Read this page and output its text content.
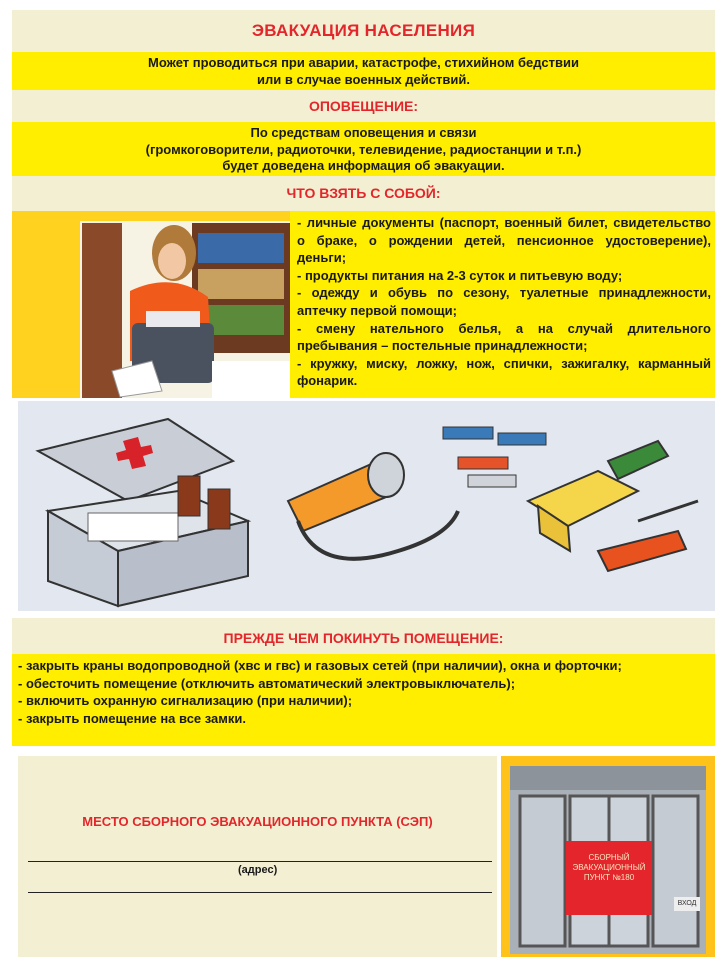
ЭВАКУАЦИЯ НАСЕЛЕНИЯ
Может проводиться при аварии, катастрофе, стихийном бедствии
или в случае военных действий.
ОПОВЕЩЕНИЕ:
По средствам оповещения и связи
(громкоговорители, радиоточки, телевидение, радиостанции и т.п.)
будет доведена информация об эвакуации.
ЧТО ВЗЯТЬ С СОБОЙ:
- личные документы (паспорт, военный билет, свидетельство о браке, о рождении детей, пенсионное удостоверение), деньги;
- продукты питания на 2-3 суток и питьевую воду;
- одежду и обувь по сезону, туалетные принадлежности, аптечку первой помощи;
- смену нательного белья, а на случай длительного пребывания – постельные принадлежности;
- кружку, миску, ложку, нож, спички, зажигалку, карманный фонарик.
ПРЕЖДЕ ЧЕМ ПОКИНУТЬ ПОМЕЩЕНИЕ:
- закрыть краны водопроводной (хвс и гвс) и газовых сетей (при наличии), окна и форточки;
- обесточить помещение (отключить автоматический электровыключатель);
- включить охранную сигнализацию (при наличии);
- закрыть помещение на все замки.
МЕСТО СБОРНОГО ЭВАКУАЦИОННОГО ПУНКТА (СЭП)
(адрес)
СБОРНЫЙ
ЭВАКУАЦИОННЫЙ
ПУНКТ №180
ВХОД
